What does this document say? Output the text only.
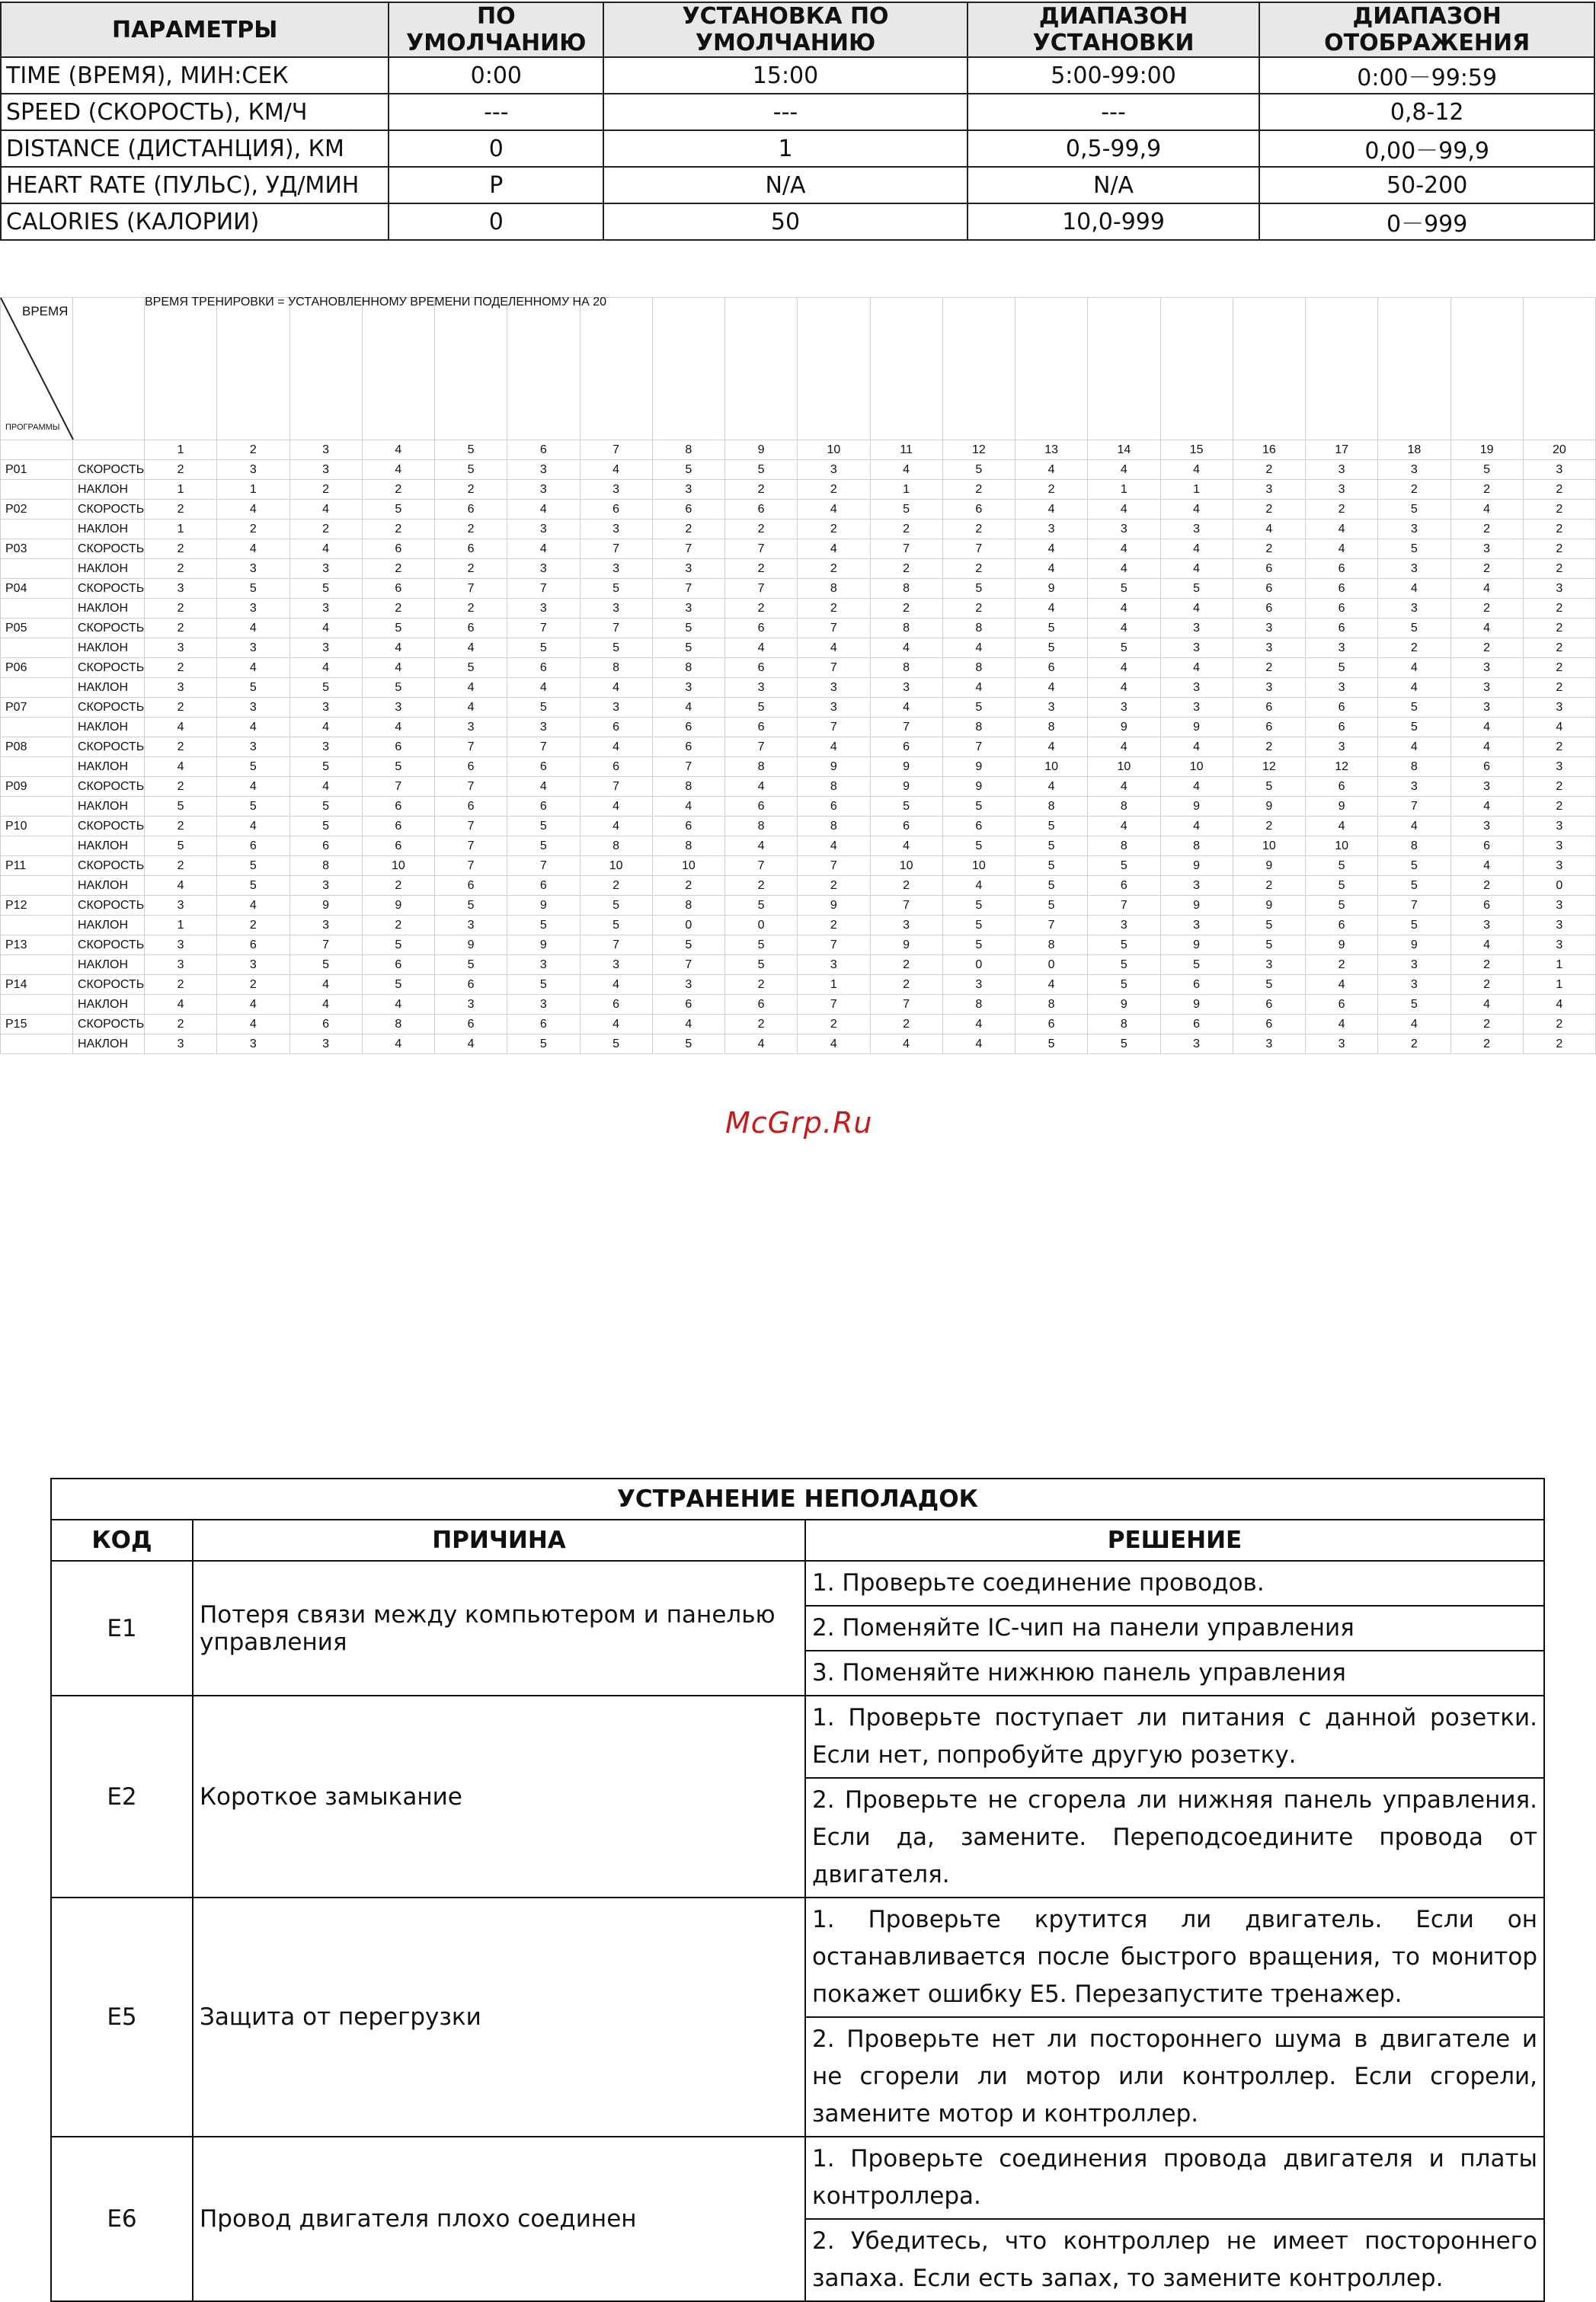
ПАРАМЕТРЫ	ПО УМОЛЧАНИЮ	УСТАНОВКА ПО УМОЛЧАНИЮ	ДИАПАЗОН УСТАНОВКИ	ДИАПАЗОН ОТОБРАЖЕНИЯ
TIME (ВРЕМЯ), МИН:СЕК	0:00	15:00	5:00-99:00	0:00－99:59
SPEED (СКОРОСТЬ), КМ/Ч	---	---	---	0,8-12
DISTANCE (ДИСТАНЦИЯ), КМ	0	1	0,5-99,9	0,00－99,9
HEART RATE (ПУЛЬС), УД/МИН	P	N/A	N/A	50-200
CALORIES (КАЛОРИИ)	0	50	10,0-999	0－999
ВРЕМЯ
ПРОГРАММЫ		ВРЕМЯ ТРЕНИРОВКИ = УСТАНОВЛЕННОМУ ВРЕМЕНИ ПОДЕЛЕННОМУ НА 20																			
		1	2	3	4	5	6	7	8	9	10	11	12	13	14	15	16	17	18	19	20
P01	СКОРОСТЬ	2	3	3	4	5	3	4	5	5	3	4	5	4	4	4	2	3	3	5	3
	НАКЛОН	1	1	2	2	2	3	3	3	2	2	1	2	2	1	1	3	3	2	2	2
P02	СКОРОСТЬ	2	4	4	5	6	4	6	6	6	4	5	6	4	4	4	2	2	5	4	2
	НАКЛОН	1	2	2	2	2	3	3	2	2	2	2	2	3	3	3	4	4	3	2	2
P03	СКОРОСТЬ	2	4	4	6	6	4	7	7	7	4	7	7	4	4	4	2	4	5	3	2
	НАКЛОН	2	3	3	2	2	3	3	3	2	2	2	2	4	4	4	6	6	3	2	2
P04	СКОРОСТЬ	3	5	5	6	7	7	5	7	7	8	8	5	9	5	5	6	6	4	4	3
	НАКЛОН	2	3	3	2	2	3	3	3	2	2	2	2	4	4	4	6	6	3	2	2
P05	СКОРОСТЬ	2	4	4	5	6	7	7	5	6	7	8	8	5	4	3	3	6	5	4	2
	НАКЛОН	3	3	3	4	4	5	5	5	4	4	4	4	5	5	3	3	3	2	2	2
P06	СКОРОСТЬ	2	4	4	4	5	6	8	8	6	7	8	8	6	4	4	2	5	4	3	2
	НАКЛОН	3	5	5	5	4	4	4	3	3	3	3	4	4	4	3	3	3	4	3	2
P07	СКОРОСТЬ	2	3	3	3	4	5	3	4	5	3	4	5	3	3	3	6	6	5	3	3
	НАКЛОН	4	4	4	4	3	3	6	6	6	7	7	8	8	9	9	6	6	5	4	4
P08	СКОРОСТЬ	2	3	3	6	7	7	4	6	7	4	6	7	4	4	4	2	3	4	4	2
	НАКЛОН	4	5	5	5	6	6	6	7	8	9	9	9	10	10	10	12	12	8	6	3
P09	СКОРОСТЬ	2	4	4	7	7	4	7	8	4	8	9	9	4	4	4	5	6	3	3	2
	НАКЛОН	5	5	5	6	6	6	4	4	6	6	5	5	8	8	9	9	9	7	4	2
P10	СКОРОСТЬ	2	4	5	6	7	5	4	6	8	8	6	6	5	4	4	2	4	4	3	3
	НАКЛОН	5	6	6	6	7	5	8	8	4	4	4	5	5	8	8	10	10	8	6	3
P11	СКОРОСТЬ	2	5	8	10	7	7	10	10	7	7	10	10	5	5	9	9	5	5	4	3
	НАКЛОН	4	5	3	2	6	6	2	2	2	2	2	4	5	6	3	2	5	5	2	0
P12	СКОРОСТЬ	3	4	9	9	5	9	5	8	5	9	7	5	5	7	9	9	5	7	6	3
	НАКЛОН	1	2	3	2	3	5	5	0	0	2	3	5	7	3	3	5	6	5	3	3
P13	СКОРОСТЬ	3	6	7	5	9	9	7	5	5	7	9	5	8	5	9	5	9	9	4	3
	НАКЛОН	3	3	5	6	5	3	3	7	5	3	2	0	0	5	5	3	2	3	2	1
P14	СКОРОСТЬ	2	2	4	5	6	5	4	3	2	1	2	3	4	5	6	5	4	3	2	1
	НАКЛОН	4	4	4	4	3	3	6	6	6	7	7	8	8	9	9	6	6	5	4	4
P15	СКОРОСТЬ	2	4	6	8	6	6	4	4	2	2	2	4	6	8	6	6	4	4	2	2
	НАКЛОН	3	3	3	4	4	5	5	5	4	4	4	4	5	5	3	3	3	2	2	2
McGrp.Ru
УСТРАНЕНИЕ НЕПОЛАДОК		
КОД	ПРИЧИНА	РЕШЕНИЕ
E1	Потеря связи между компьютером и панелью управления	1. Проверьте соединение проводов.
		2. Поменяйте IC-чип на панели управления
		3. Поменяйте нижнюю панель управления
E2	Короткое замыкание	1. Проверьте поступает ли питания с данной розетки. Если нет, попробуйте другую розетку.
		2. Проверьте не сгорела ли нижняя панель управления. Если да, замените. Переподсоедините провода от двигателя.
E5	Защита от перегрузки	1. Проверьте крутится ли двигатель. Если он останавливается после быстрого вращения, то монитор покажет ошибку E5. Перезапустите тренажер.
		2. Проверьте нет ли постороннего шума в двигателе и не сгорели ли мотор или контроллер. Если сгорели, замените мотор и контроллер.
E6	Провод двигателя плохо соединен	1. Проверьте соединения провода двигателя и платы контроллера.
		2. Убедитесь, что контроллер не имеет постороннего запаха. Если есть запах, то замените контроллер.
